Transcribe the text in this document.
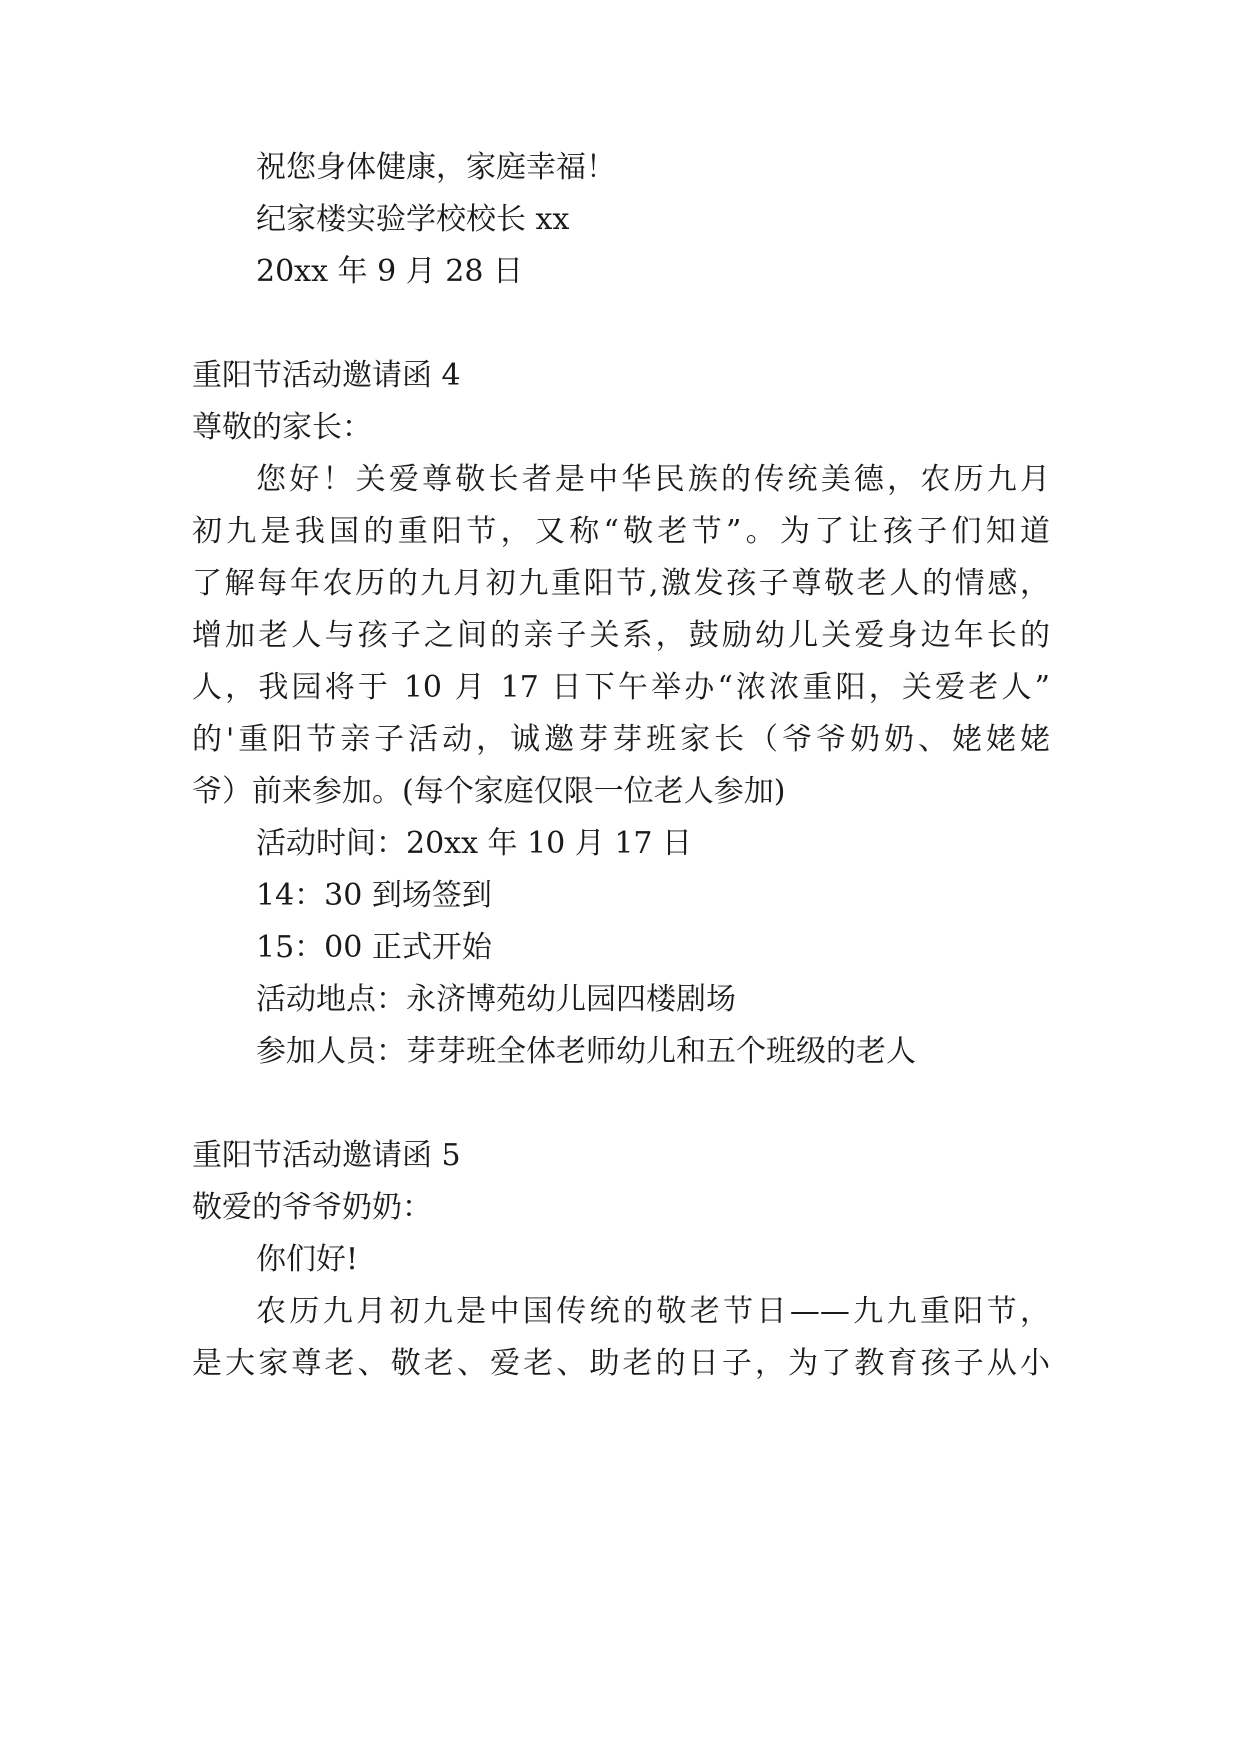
祝您身体健康，家庭幸福！
纪家楼实验学校校长 xx
20xx 年 9 月 28 日
重阳节活动邀请函 4
尊敬的家长：
您好！关爱尊敬长者是中华民族的传统美德，农历九月
初九是我国的重阳节，又称“敬老节”。为了让孩子们知道
了解每年农历的九月初九重阳节,激发孩子尊敬老人的情感，
增加老人与孩子之间的亲子关系，鼓励幼儿关爱身边年长的
人，我园将于 10 月 17 日下午举办“浓浓重阳，关爱老人”
的'重阳节亲子活动，诚邀芽芽班家长（爷爷奶奶、姥姥姥
爷）前来参加。(每个家庭仅限一位老人参加)
活动时间：20xx 年 10 月 17 日
14：30 到场签到
15：00 正式开始
活动地点：永济博苑幼儿园四楼剧场
参加人员：芽芽班全体老师幼儿和五个班级的老人
重阳节活动邀请函 5
敬爱的爷爷奶奶：
你们好!
农历九月初九是中国传统的敬老节日——九九重阳节，
是大家尊老、敬老、爱老、助老的日子，为了教育孩子从小
